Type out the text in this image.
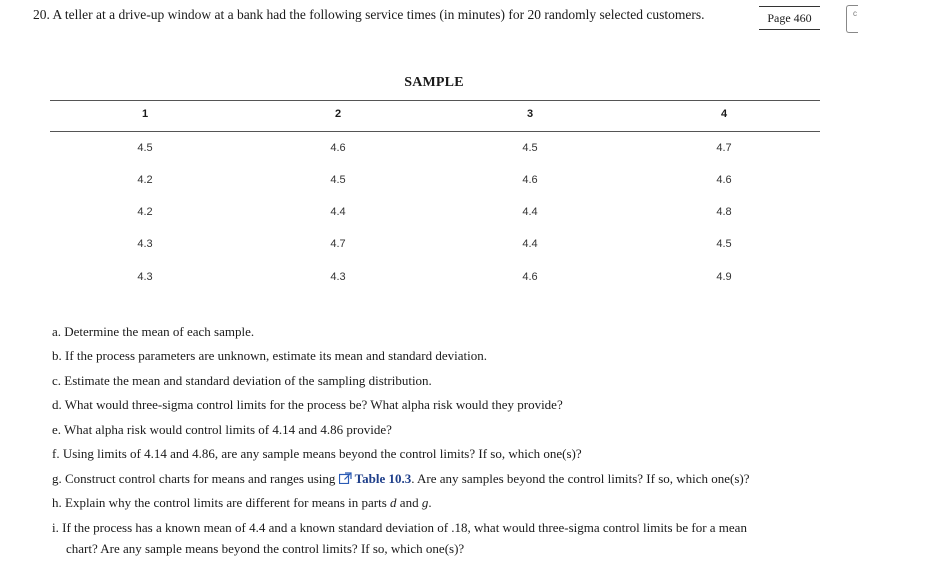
20. A teller at a drive-up window at a bank had the following service times (in minutes) for 20 randomly selected customers.	Page 460	c
SAMPLE
1	2	3	4
4.5	4.6	4.5	4.7
4.2	4.5	4.6	4.6
4.2	4.4	4.4	4.8
4.3	4.7	4.4	4.5
4.3	4.3	4.6	4.9
a. Determine the mean of each sample.
b. If the process parameters are unknown, estimate its mean and standard deviation.
c. Estimate the mean and standard deviation of the sampling distribution.
d. What would three-sigma control limits for the process be? What alpha risk would they provide?
e. What alpha risk would control limits of 4.14 and 4.86 provide?
f. Using limits of 4.14 and 4.86, are any sample means beyond the control limits? If so, which one(s)?
g. Construct control charts for means and ranges using Table 10.3. Are any samples beyond the control limits? If so, which one(s)?
h. Explain why the control limits are different for means in parts d and g.
i. If the process has a known mean of 4.4 and a known standard deviation of .18, what would three-sigma control limits be for a mean
chart? Are any sample means beyond the control limits? If so, which one(s)?
